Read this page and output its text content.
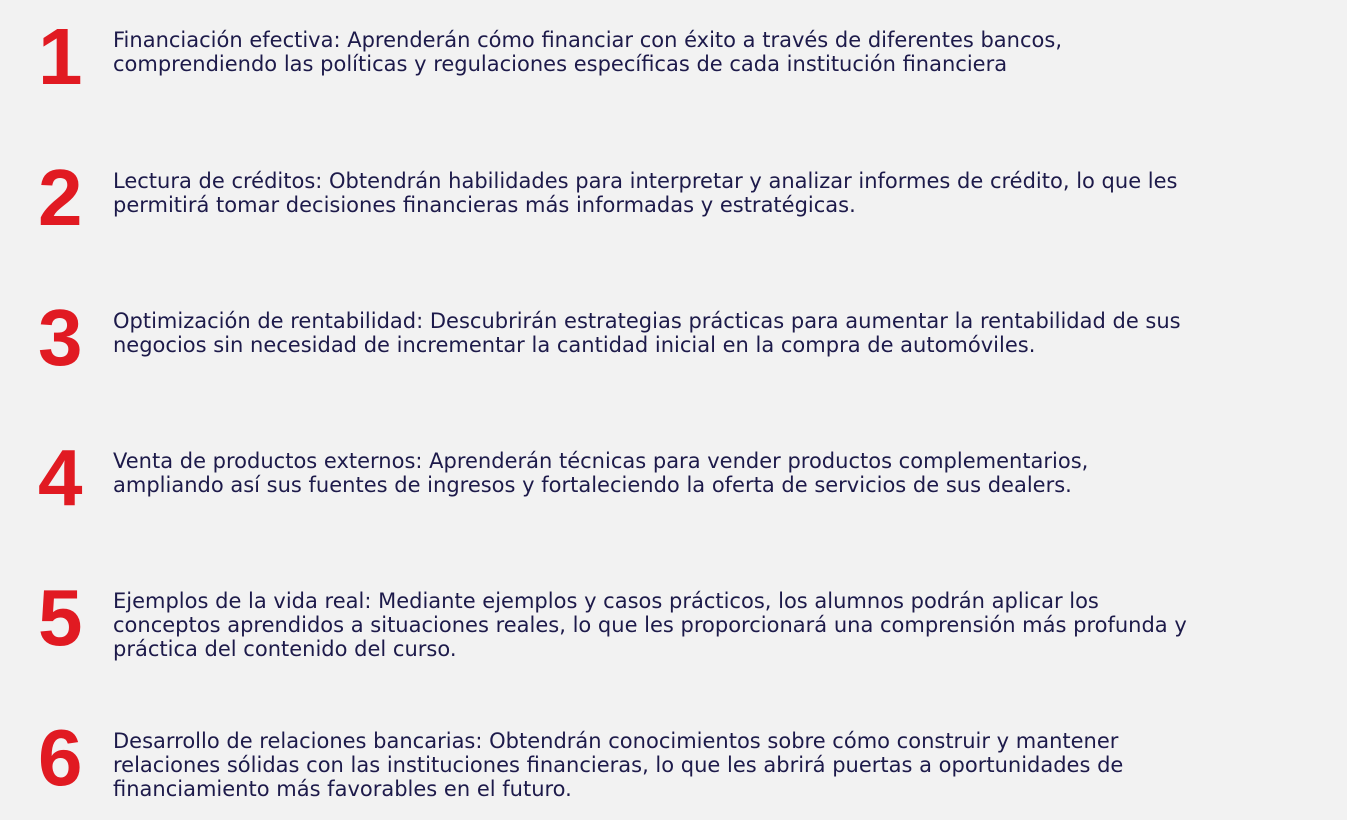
1	Financiación efectiva: Aprenderán cómo financiar con éxito a través de diferentes bancos,
comprendiendo las políticas y regulaciones específicas de cada institución financiera
2	Lectura de créditos: Obtendrán habilidades para interpretar y analizar informes de crédito, lo que les
permitirá tomar decisiones financieras más informadas y estratégicas.
3	Optimización de rentabilidad: Descubrirán estrategias prácticas para aumentar la rentabilidad de sus
negocios sin necesidad de incrementar la cantidad inicial en la compra de automóviles.
4	Venta de productos externos: Aprenderán técnicas para vender productos complementarios,
ampliando así sus fuentes de ingresos y fortaleciendo la oferta de servicios de sus dealers.
5	Ejemplos de la vida real: Mediante ejemplos y casos prácticos, los alumnos podrán aplicar los
conceptos aprendidos a situaciones reales, lo que les proporcionará una comprensión más profunda y
práctica del contenido del curso.
6	Desarrollo de relaciones bancarias: Obtendrán conocimientos sobre cómo construir y mantener
relaciones sólidas con las instituciones financieras, lo que les abrirá puertas a oportunidades de
financiamiento más favorables en el futuro.
